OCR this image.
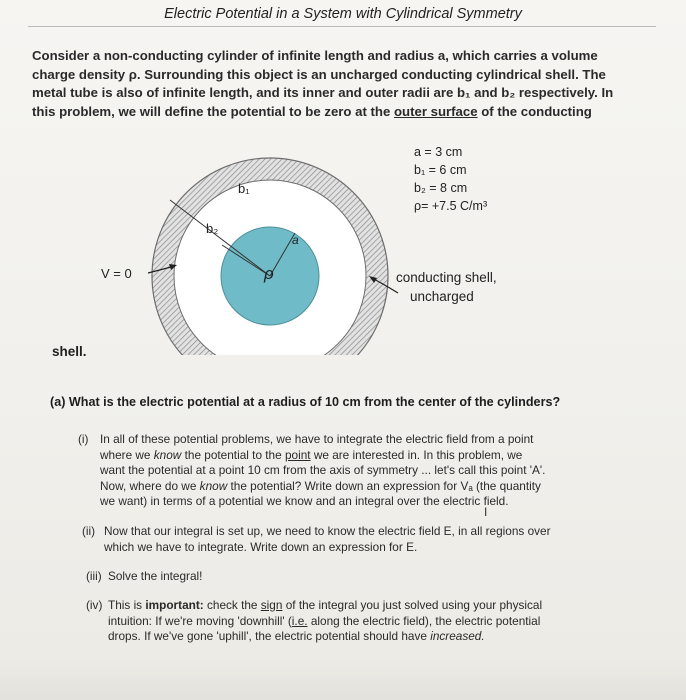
Electric Potential in a System with Cylindrical Symmetry
Consider a non-conducting cylinder of infinite length and radius a, which carries a volume
charge density ρ. Surrounding this object is an uncharged conducting cylindrical shell. The
metal tube is also of infinite length, and its inner and outer radii are b₁ and b₂ respectively. In
this problem, we will define the potential to be zero at the outer surface of the conducting
b₁
b₂
a
ρ
V = 0
a = 3 cm
b₁ = 6 cm
b₂ = 8 cm
ρ= +7.5 C/m³
conducting shell,
uncharged
shell.
(a) What is the electric potential at a radius of 10 cm from the center of the cylinders?
(i) In all of these potential problems, we have to integrate the electric field from a point
where we know the potential to the point we are interested in. In this problem, we
want the potential at a point 10 cm from the axis of symmetry ... let's call this point 'A'.
Now, where do we know the potential? Write down an expression for Vₐ (the quantity
we want) in terms of a potential we know and an integral over the electric field.
(ii) Now that our integral is set up, we need to know the electric field E, in all regions over
which we have to integrate. Write down an expression for E.
I
(iii) Solve the integral!
(iv) This is important: check the sign of the integral you just solved using your physical
intuition: If we're moving 'downhill' (i.e. along the electric field), the electric potential
drops. If we've gone 'uphill', the electric potential should have increased.
